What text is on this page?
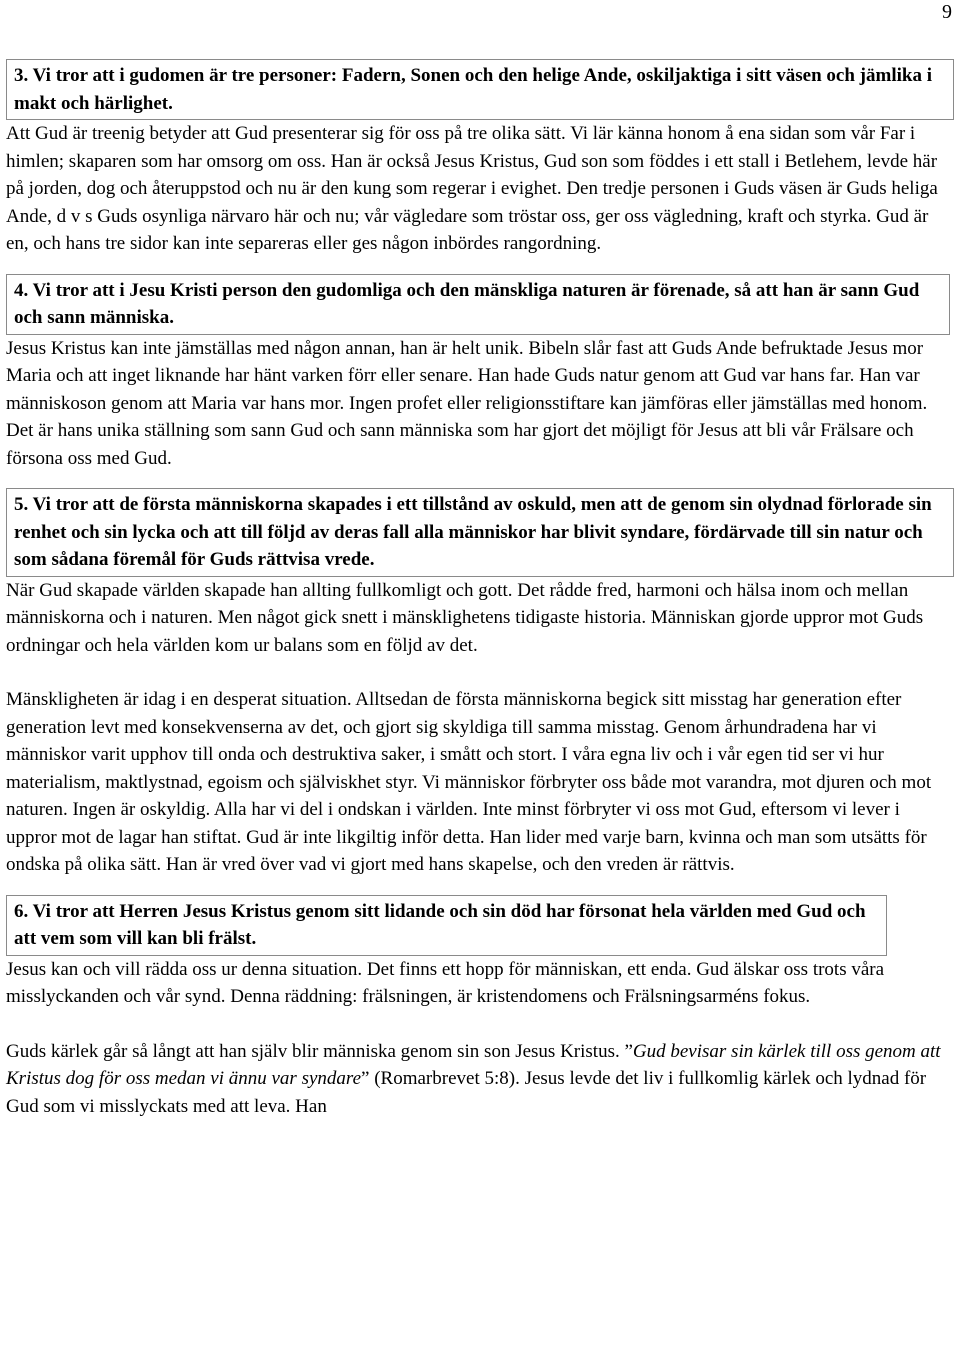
9
3. Vi tror att i gudomen är tre personer: Fadern, Sonen och den helige Ande, oskiljaktiga i sitt väsen och jämlika i makt och härlighet.

Att Gud är treenig betyder att Gud presenterar sig för oss på tre olika sätt. Vi lär känna honom å ena sidan som vår Far i himlen; skaparen som har omsorg om oss. Han är också Jesus Kristus, Gud son som föddes i ett stall i Betlehem, levde här på jorden, dog och återuppstod och nu är den kung som regerar i evighet. Den tredje personen i Guds väsen är Guds heliga Ande, d v s Guds osynliga närvaro här och nu; vår vägledare som tröstar oss, ger oss vägledning, kraft och styrka. Gud är en, och hans tre sidor kan inte separeras eller ges någon inbördes rangordning.

4. Vi tror att i Jesu Kristi person den gudomliga och den mänskliga naturen är förenade, så att han är sann Gud och sann människa.

Jesus Kristus kan inte jämställas med någon annan, han är helt unik. Bibeln slår fast att Guds Ande befruktade Jesus mor Maria och att inget liknande har hänt varken förr eller senare. Han hade Guds natur genom att Gud var hans far. Han var människoson genom att Maria var hans mor. Ingen profet eller religionsstiftare kan jämföras eller jämställas med honom. Det är hans unika ställning som sann Gud och sann människa som har gjort det möjligt för Jesus att bli vår Frälsare och försona oss med Gud.

5. Vi tror att de första människorna skapades i ett tillstånd av oskuld, men att de genom sin olydnad förlorade sin renhet och sin lycka och att till följd av deras fall alla människor har blivit syndare, fördärvade till sin natur och som sådana föremål för Guds rättvisa vrede.

När Gud skapade världen skapade han allting fullkomligt och gott. Det rådde fred, harmoni och hälsa inom och mellan människorna och i naturen. Men något gick snett i mänsklighetens tidigaste historia. Människan gjorde uppror mot Guds ordningar och hela världen kom ur balans som en följd av det.

Mänskligheten är idag i en desperat situation. Alltsedan de första människorna begick sitt misstag har generation efter generation levt med konsekvenserna av det, och gjort sig skyldiga till samma misstag. Genom århundradena har vi människor varit upphov till onda och destruktiva saker, i smått och stort. I våra egna liv och i vår egen tid ser vi hur materialism, maktlystnad, egoism och själviskhet styr. Vi människor förbryter oss både mot varandra, mot djuren och mot naturen. Ingen är oskyldig. Alla har vi del i ondskan i världen. Inte minst förbryter vi oss mot Gud, eftersom vi lever i uppror mot de lagar han stiftat. Gud är inte likgiltig inför detta. Han lider med varje barn, kvinna och man som utsätts för ondska på olika sätt. Han är vred över vad vi gjort med hans skapelse, och den vreden är rättvis.

6. Vi tror att Herren Jesus Kristus genom sitt lidande och sin död har försonat hela världen med Gud och att vem som vill kan bli frälst.

Jesus kan och vill rädda oss ur denna situation. Det finns ett hopp för människan, ett enda. Gud älskar oss trots våra misslyckanden och vår synd. Denna räddning: frälsningen, är kristendomens och Frälsningsarméns fokus.

Guds kärlek går så långt att han själv blir människa genom sin son Jesus Kristus. ”Gud bevisar sin kärlek till oss genom att Kristus dog för oss medan vi ännu var syndare” (Romarbrevet 5:8). Jesus levde det liv i fullkomlig kärlek och lydnad för Gud som vi misslyckats med att leva. Han
